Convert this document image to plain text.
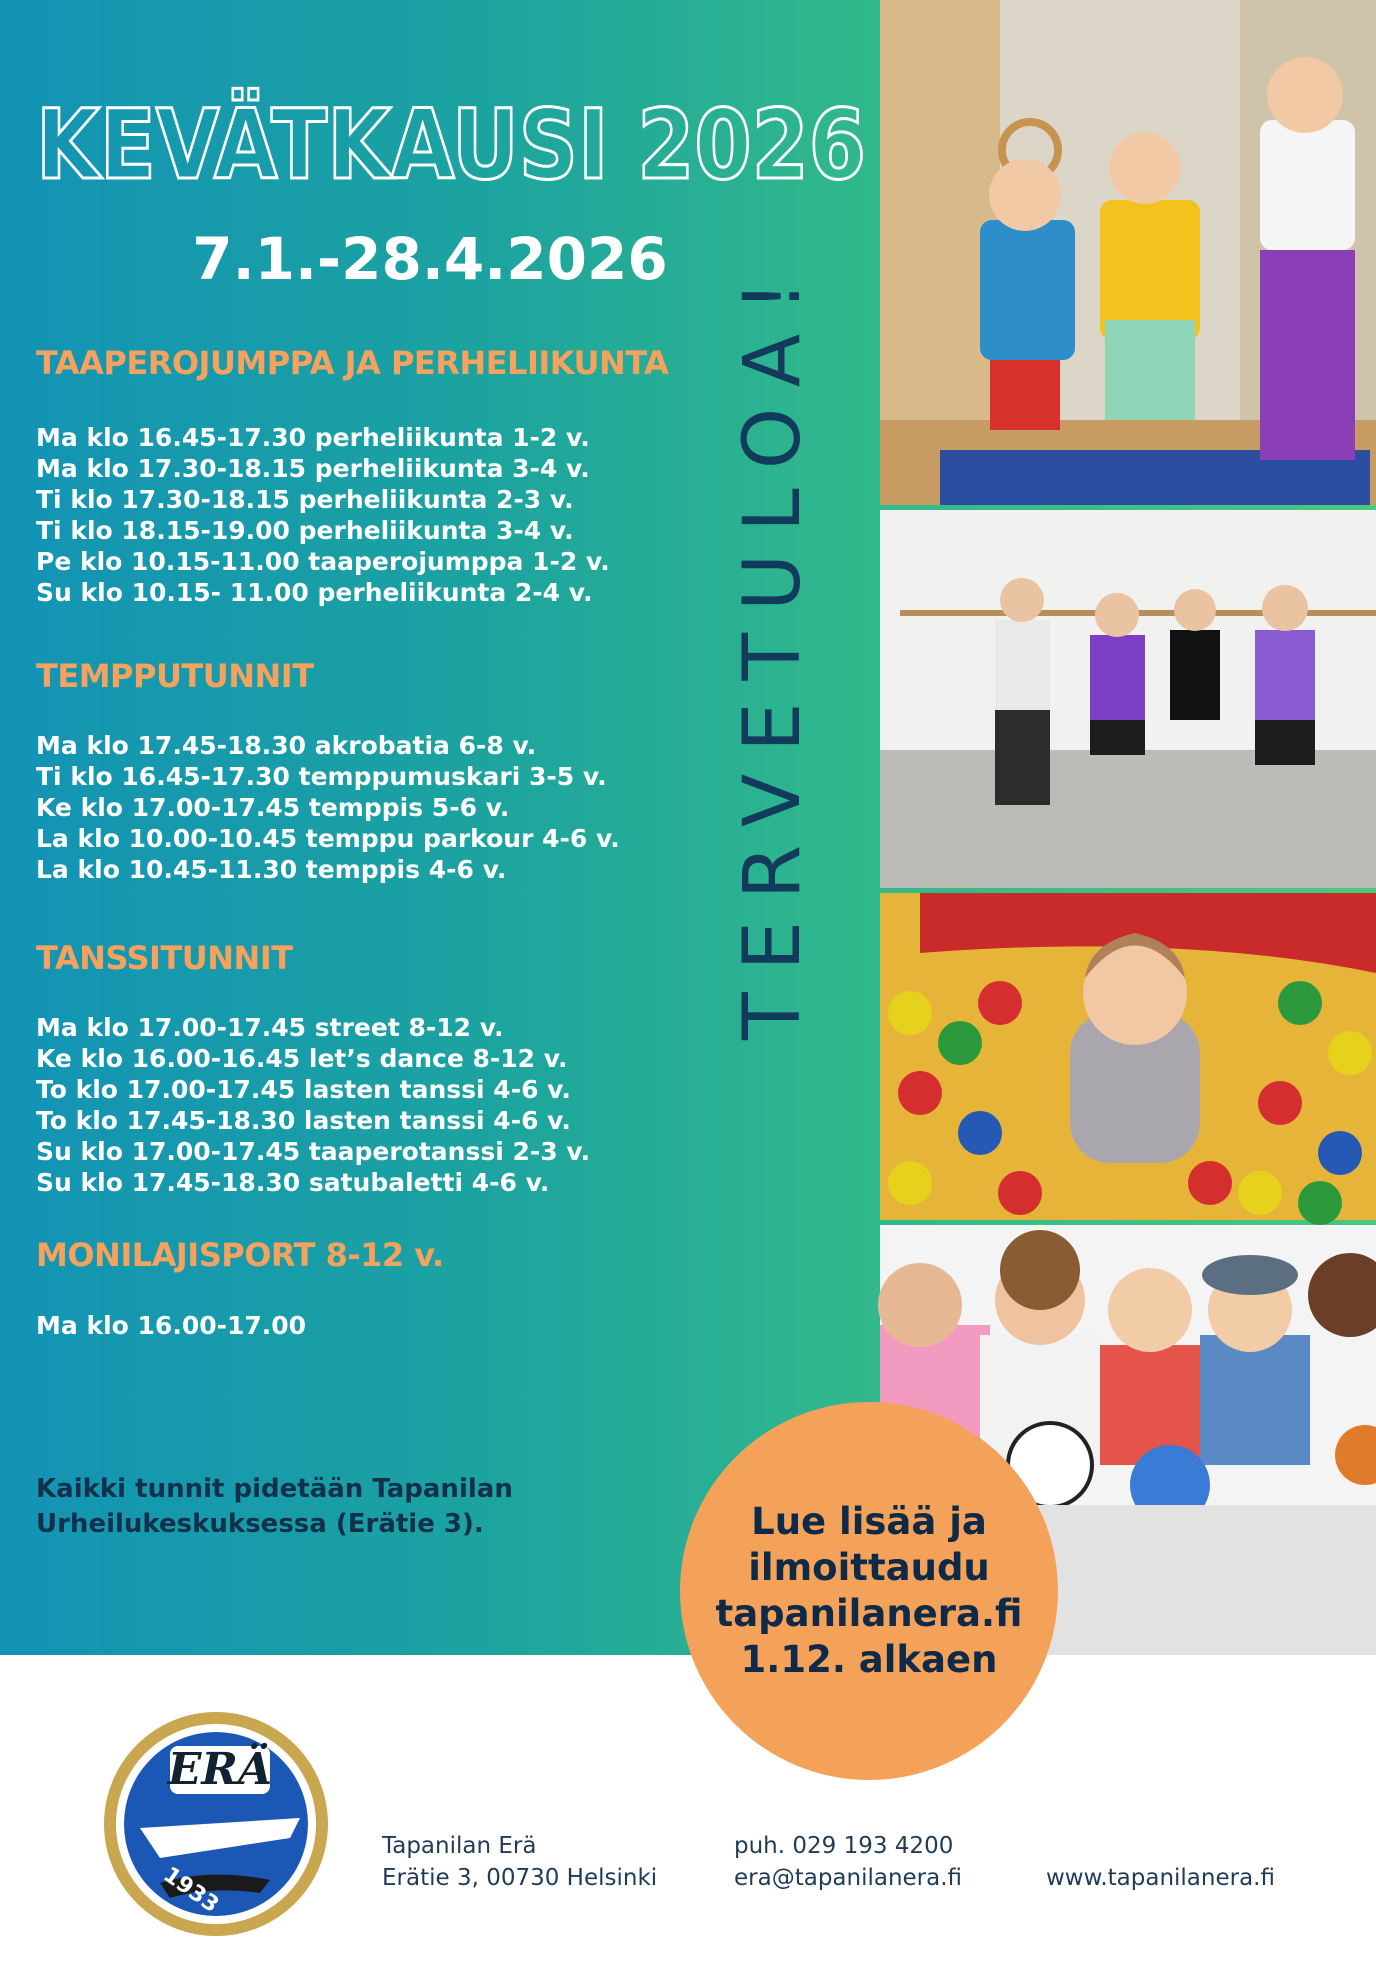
KEVÄTKAUSI 2026
7.1.-28.4.2026
TAAPEROJUMPPA JA PERHELIIKUNTA
Ma klo 16.45-17.30 perheliikunta 1-2 v.
Ma klo 17.30-18.15 perheliikunta 3-4 v.
Ti klo 17.30-18.15 perheliikunta 2-3 v.
Ti klo 18.15-19.00 perheliikunta 3-4 v.
Pe klo 10.15-11.00 taaperojumppa 1-2 v.
Su klo 10.15- 11.00 perheliikunta 2-4 v.
TEMPPUTUNNIT
Ma klo 17.45-18.30 akrobatia 6-8 v.
Ti klo 16.45-17.30 temppumuskari 3-5 v.
Ke klo 17.00-17.45 temppis 5-6 v.
La klo 10.00-10.45 temppu parkour 4-6 v.
La klo 10.45-11.30 temppis 4-6 v.
TANSSITUNNIT
Ma klo 17.00-17.45 street 8-12 v.
Ke klo 16.00-16.45 let’s dance 8-12 v.
To klo 17.00-17.45 lasten tanssi 4-6 v.
To klo 17.45-18.30 lasten tanssi 4-6 v.
Su klo 17.00-17.45 taaperotanssi 2-3 v.
Su klo 17.45-18.30 satubaletti 4-6 v.
MONILAJISPORT 8-12 v.
Ma klo 16.00-17.00
Kaikki tunnit pidetään Tapanilan Urheilukeskuksessa (Erätie 3).
TERVETULOA!
Lue lisää ja
ilmoittaudu
tapanilanera.fi
1.12. alkaen
ERÄ
1933
Tapanilan Erä
Erätie 3, 00730 Helsinki
puh. 029 193 4200
era@tapanilanera.fi	www.tapanilanera.fi
